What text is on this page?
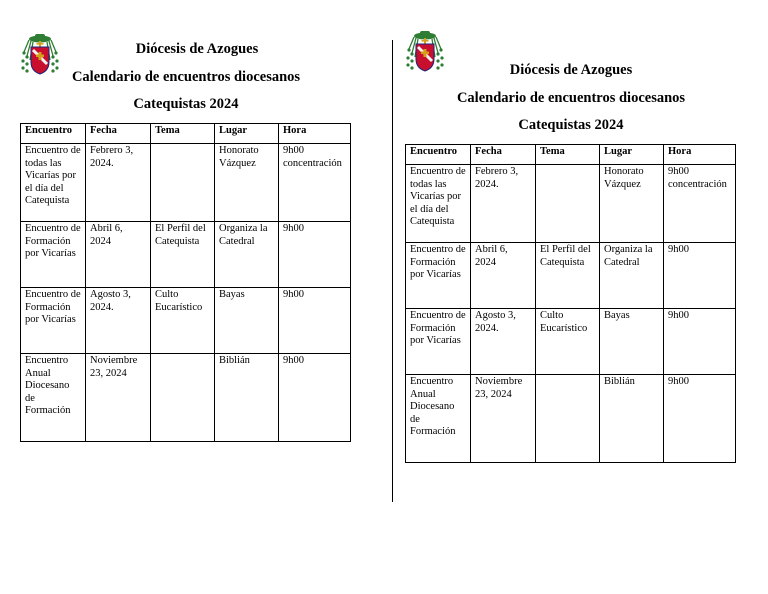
Diócesis de Azogues
Calendario de encuentros diocesanos
Catequistas 2024
Encuentro	Fecha	Tema	Lugar	Hora
Encuentro de todas las Vicarías por el día del Catequista	Febrero 3, 2024.		Honorato Vázquez	9h00 concentración
Encuentro de Formación por Vicarías	Abril 6, 2024	El Perfil del Catequista	Organiza la Catedral	9h00
Encuentro de Formación por Vicarías	Agosto 3, 2024.	Culto Eucarístico	Bayas	9h00
Encuentro Anual Diocesano de Formación	Noviembre 23, 2024		Biblián	9h00
Diócesis de Azogues
Calendario de encuentros diocesanos
Catequistas 2024
Encuentro	Fecha	Tema	Lugar	Hora
Encuentro de todas las Vicarías por el día del Catequista	Febrero 3, 2024.		Honorato Vázquez	9h00 concentración
Encuentro de Formación por Vicarías	Abril 6, 2024	El Perfil del Catequista	Organiza la Catedral	9h00
Encuentro de Formación por Vicarías	Agosto 3, 2024.	Culto Eucarístico	Bayas	9h00
Encuentro Anual Diocesano de Formación	Noviembre 23, 2024		Biblián	9h00
